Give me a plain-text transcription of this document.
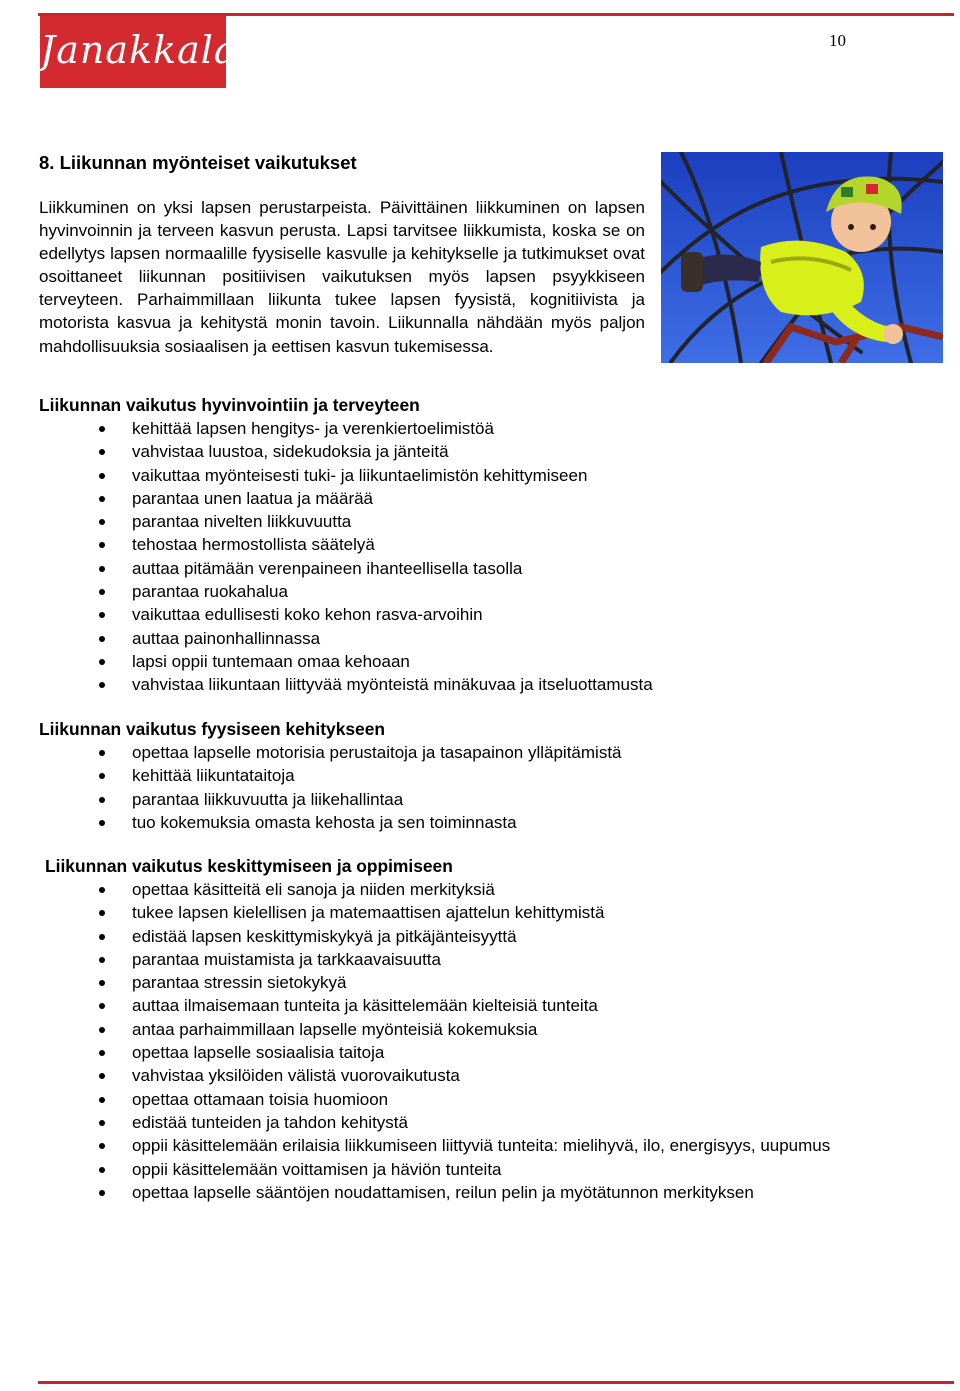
Janakkala	10
8. Liikunnan myönteiset vaikutukset

Liikkuminen on yksi lapsen perustarpeista. Päivittäinen liikkuminen on lapsen hyvinvoinnin ja terveen kasvun perusta. Lapsi tarvitsee liikkumista, koska se on edellytys lapsen normaalille fyysiselle kasvulle ja kehitykselle ja tutkimukset ovat osoittaneet liikunnan positiivisen vaikutuksen myös lapsen psyykkiseen terveyteen. Parhaimmillaan liikunta tukee lapsen fyysistä, kognitiivista ja motorista kasvua ja kehitystä monin tavoin. Liikunnalla nähdään myös paljon mahdollisuuksia sosiaalisen ja eettisen kasvun tukemisessa.

Liikunnan vaikutus hyvinvointiin ja terveyteen
kehittää lapsen hengitys- ja verenkiertoelimistöä
vahvistaa luustoa, sidekudoksia ja jänteitä
vaikuttaa myönteisesti tuki- ja liikuntaelimistön kehittymiseen
parantaa unen laatua ja määrää
parantaa nivelten liikkuvuutta
tehostaa hermostollista säätelyä
auttaa pitämään verenpaineen ihanteellisella tasolla
parantaa ruokahalua
vaikuttaa edullisesti koko kehon rasva-arvoihin
auttaa painonhallinnassa
lapsi oppii tuntemaan omaa kehoaan
vahvistaa liikuntaan liittyvää myönteistä minäkuvaa ja itseluottamusta
Liikunnan vaikutus fyysiseen kehitykseen
opettaa lapselle motorisia perustaitoja ja tasapainon ylläpitämistä
kehittää liikuntataitoja
parantaa liikkuvuutta ja liikehallintaa
tuo kokemuksia omasta kehosta ja sen toiminnasta
Liikunnan vaikutus keskittymiseen ja oppimiseen
opettaa käsitteitä eli sanoja ja niiden merkityksiä
tukee lapsen kielellisen ja matemaattisen ajattelun kehittymistä
edistää lapsen keskittymiskykyä ja pitkäjänteisyyttä
parantaa muistamista ja tarkkaavaisuutta
parantaa stressin sietokykyä
auttaa ilmaisemaan tunteita ja käsittelemään kielteisiä tunteita
antaa parhaimmillaan lapselle myönteisiä kokemuksia
opettaa lapselle sosiaalisia taitoja
vahvistaa yksilöiden välistä vuorovaikutusta
opettaa ottamaan toisia huomioon
edistää tunteiden ja tahdon kehitystä
oppii käsittelemään erilaisia liikkumiseen liittyviä tunteita: mielihyvä, ilo, energisyys, uupumus
oppii käsittelemään voittamisen ja häviön tunteita
opettaa lapselle sääntöjen noudattamisen, reilun pelin ja myötätunnon merkityksen
